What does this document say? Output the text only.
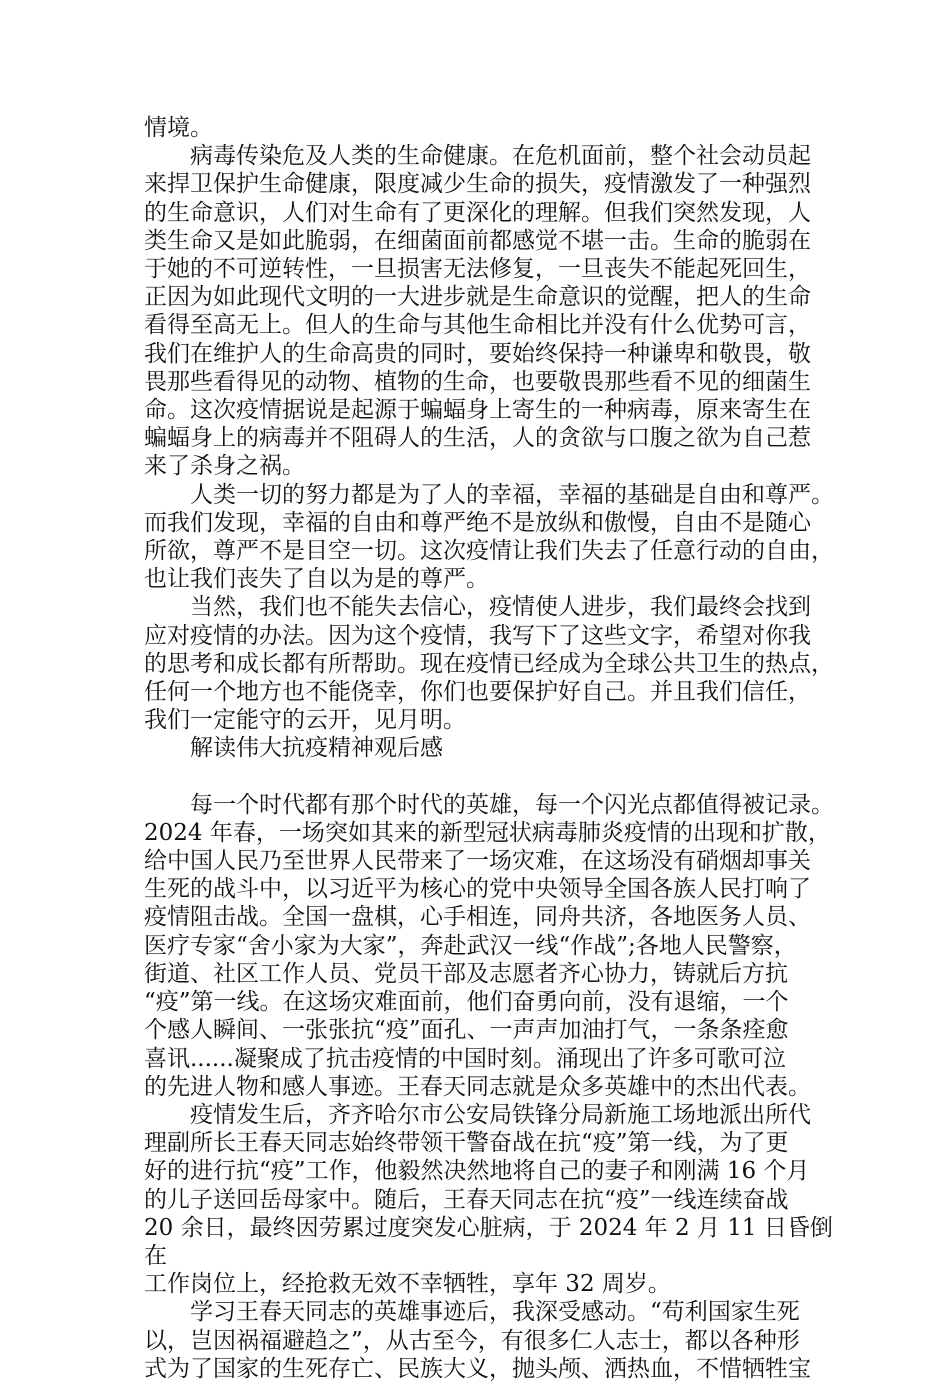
情境。

　　病毒传染危及人类的生命健康。在危机面前，整个社会动员起
来捍卫保护生命健康，限度减少生命的损失，疫情激发了一种强烈
的生命意识，人们对生命有了更深化的理解。但我们突然发现，人
类生命又是如此脆弱，在细菌面前都感觉不堪一击。生命的脆弱在
于她的不可逆转性，一旦损害无法修复，一旦丧失不能起死回生，
正因为如此现代文明的一大进步就是生命意识的觉醒，把人的生命
看得至高无上。但人的生命与其他生命相比并没有什么优势可言，
我们在维护人的生命高贵的同时，要始终保持一种谦卑和敬畏，敬
畏那些看得见的动物、植物的生命，也要敬畏那些看不见的细菌生
命。这次疫情据说是起源于蝙蝠身上寄生的一种病毒，原来寄生在
蝙蝠身上的病毒并不阻碍人的生活，人的贪欲与口腹之欲为自己惹
来了杀身之祸。

　　人类一切的努力都是为了人的幸福，幸福的基础是自由和尊严。
而我们发现，幸福的自由和尊严绝不是放纵和傲慢，自由不是随心
所欲，尊严不是目空一切。这次疫情让我们失去了任意行动的自由，
也让我们丧失了自以为是的尊严。

　　当然，我们也不能失去信心，疫情使人进步，我们最终会找到
应对疫情的办法。因为这个疫情，我写下了这些文字，希望对你我
的思考和成长都有所帮助。现在疫情已经成为全球公共卫生的热点，
任何一个地方也不能侥幸，你们也要保护好自己。并且我们信任，
我们一定能守的云开，见月明。

　　解读伟大抗疫精神观后感

　　每一个时代都有那个时代的英雄，每一个闪光点都值得被记录。
2024 年春，一场突如其来的新型冠状病毒肺炎疫情的出现和扩散，
给中国人民乃至世界人民带来了一场灾难，在这场没有硝烟却事关
生死的战斗中，以习近平为核心的党中央领导全国各族人民打响了
疫情阻击战。全国一盘棋，心手相连，同舟共济，各地医务人员、
医疗专家“舍小家为大家”，奔赴武汉一线“作战”;各地人民警察，
街道、社区工作人员、党员干部及志愿者齐心协力，铸就后方抗
“疫”第一线。在这场灾难面前，他们奋勇向前，没有退缩，一个
个感人瞬间、一张张抗“疫”面孔、一声声加油打气，一条条痊愈
喜讯......凝聚成了抗击疫情的中国时刻。涌现出了许多可歌可泣
的先进人物和感人事迹。王春天同志就是众多英雄中的杰出代表。

　　疫情发生后，齐齐哈尔市公安局铁锋分局新施工场地派出所代
理副所长王春天同志始终带领干警奋战在抗“疫”第一线，为了更
好的进行抗“疫”工作，他毅然决然地将自己的妻子和刚满 16 个月
的儿子送回岳母家中。随后，王春天同志在抗“疫”一线连续奋战
20 余日，最终因劳累过度突发心脏病，于 2024 年 2 月 11 日昏倒在
工作岗位上，经抢救无效不幸牺牲，享年 32 周岁。

　　学习王春天同志的英雄事迹后，我深受感动。“苟利国家生死
以，岂因祸福避趋之”，从古至今，有很多仁人志士，都以各种形
式为了国家的生死存亡、民族大义，抛头颅、洒热血，不惜牺牲宝
